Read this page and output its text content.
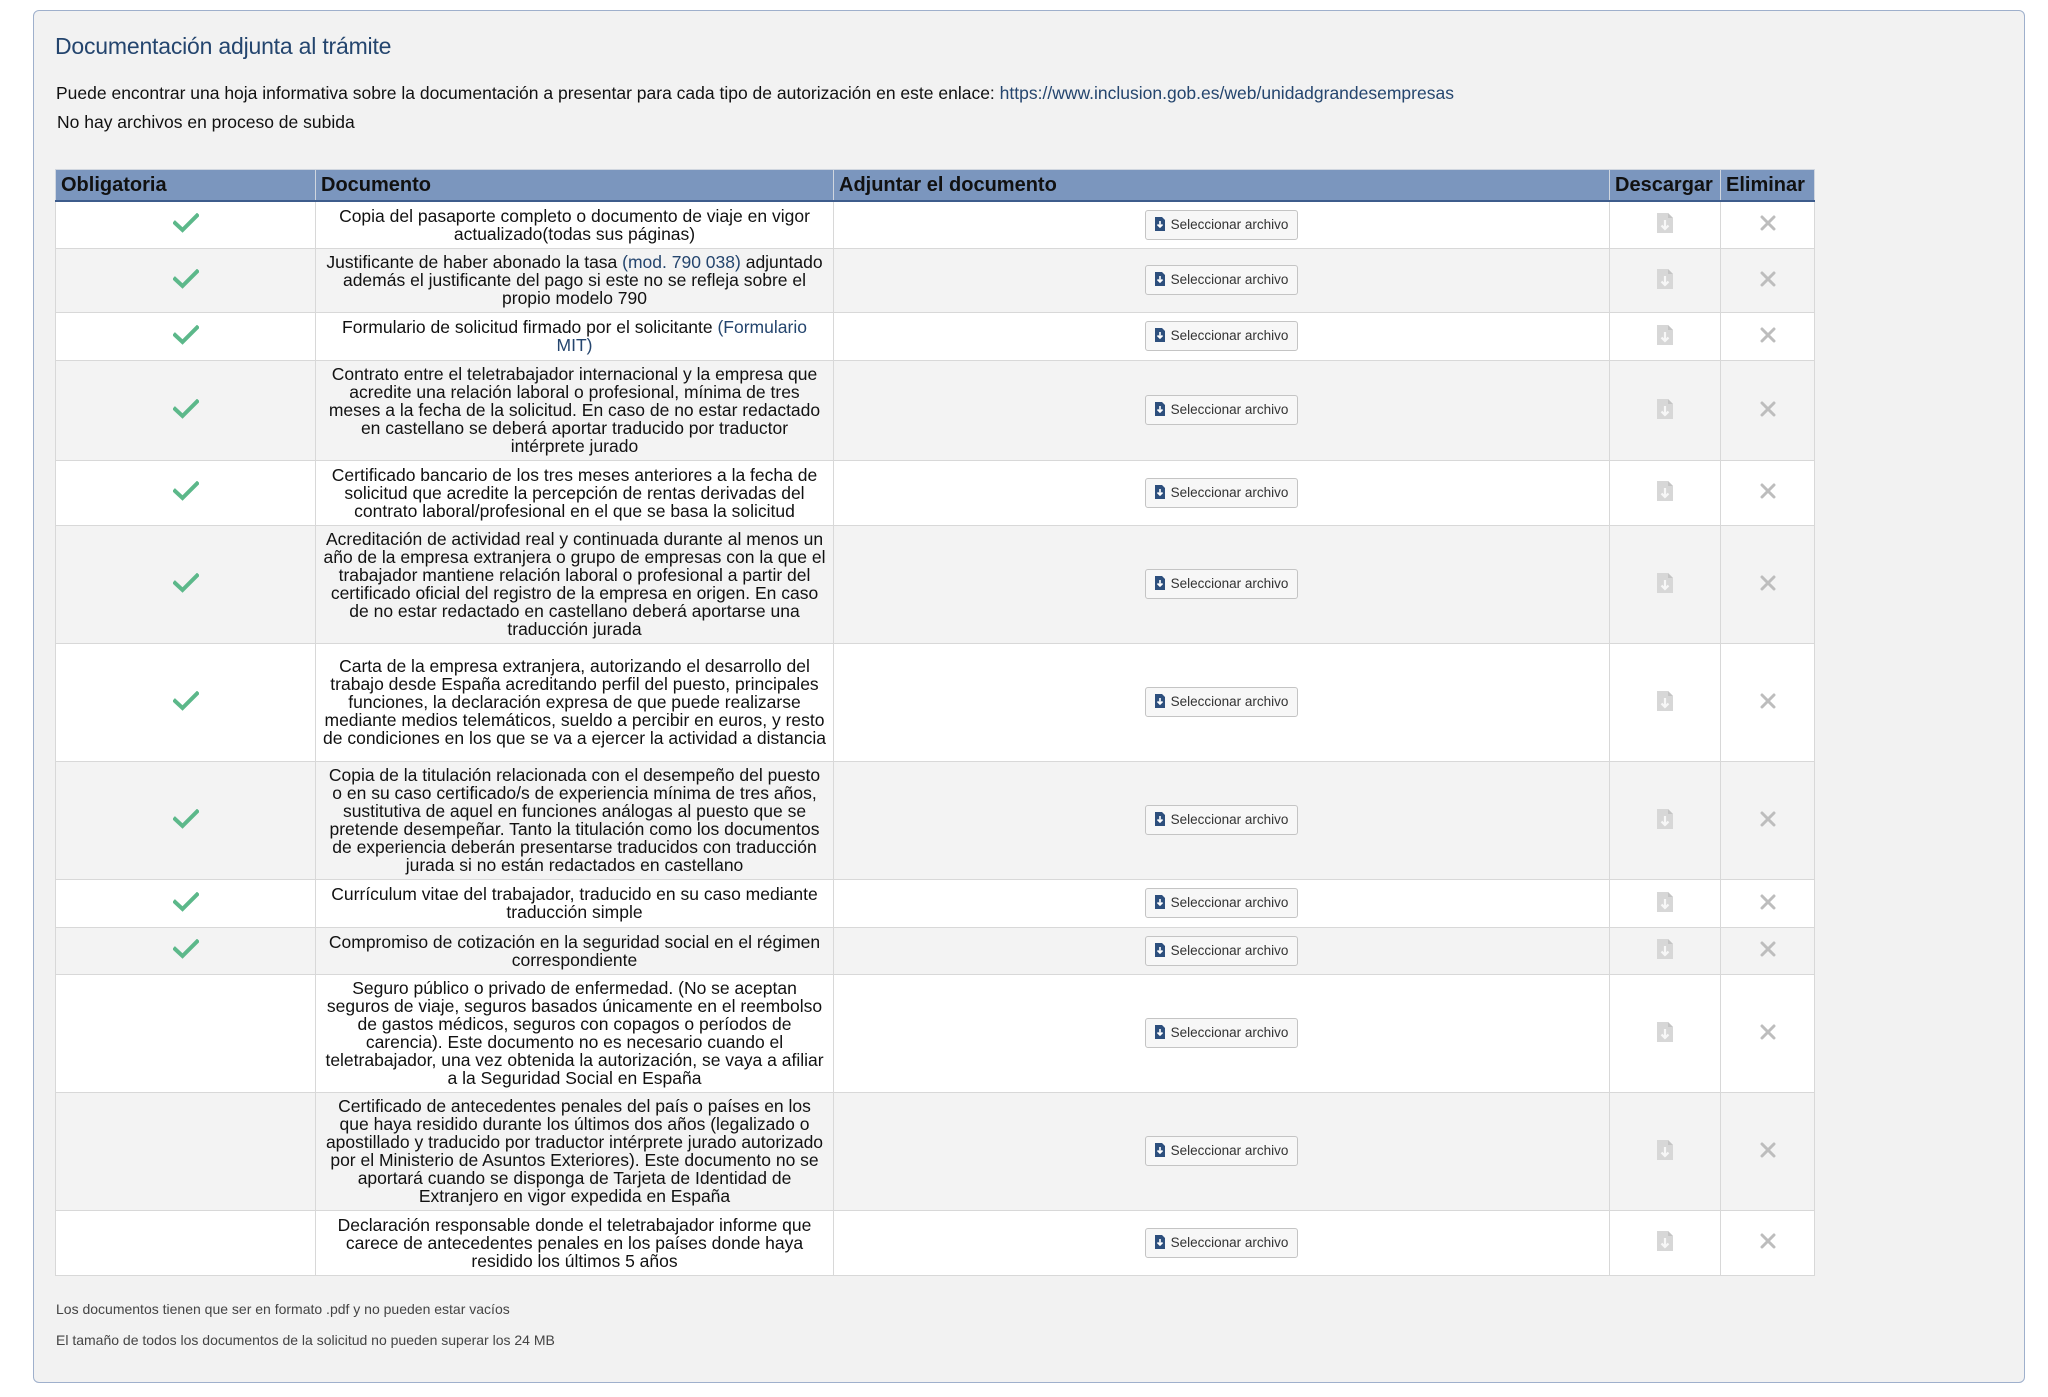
Documentación adjunta al trámite
Puede encontrar una hoja informativa sobre la documentación a presentar para cada tipo de autorización en este enlace: https://www.inclusion.gob.es/web/unidadgrandesempresas
No hay archivos en proceso de subida
Obligatoria	Documento	Adjuntar el documento	Descargar	Eliminar

	Copia del pasaporte completo o documento de viaje en vigor actualizado(todas sus páginas)	Seleccionar archivo		

	Justificante de haber abonado la tasa (mod. 790 038) adjuntado además el justificante del pago si este no se refleja sobre el propio modelo 790	Seleccionar archivo		

	Formulario de solicitud firmado por el solicitante (Formulario MIT)	Seleccionar archivo		

	Contrato entre el teletrabajador internacional y la empresa que acredite una relación laboral o profesional, mínima de tres meses a la fecha de la solicitud. En caso de no estar redactado en castellano se deberá aportar traducido por traductor intérprete jurado	Seleccionar archivo		

	Certificado bancario de los tres meses anteriores a la fecha de solicitud que acredite la percepción de rentas derivadas del contrato laboral/profesional en el que se basa la solicitud	Seleccionar archivo		

	Acreditación de actividad real y continuada durante al menos un año de la empresa extranjera o grupo de empresas con la que el trabajador mantiene relación laboral o profesional a partir del certificado oficial del registro de la empresa en origen. En caso de no estar redactado en castellano deberá aportarse una traducción jurada	Seleccionar archivo		

	Carta de la empresa extranjera, autorizando el desarrollo del trabajo desde España acreditando perfil del puesto, principales funciones, la declaración expresa de que puede realizarse mediante medios telemáticos, sueldo a percibir en euros, y resto de condiciones en los que se va a ejercer la actividad a distancia	Seleccionar archivo		

	Copia de la titulación relacionada con el desempeño del puesto o en su caso certificado/s de experiencia mínima de tres años, sustitutiva de aquel en funciones análogas al puesto que se pretende desempeñar. Tanto la titulación como los documentos de experiencia deberán presentarse traducidos con traducción jurada si no están redactados en castellano	Seleccionar archivo		

	Currículum vitae del trabajador, traducido en su caso mediante traducción simple	Seleccionar archivo		

	Compromiso de cotización en la seguridad social en el régimen correspondiente	Seleccionar archivo		
	Seguro público o privado de enfermedad. (No se aceptan seguros de viaje, seguros basados únicamente en el reembolso de gastos médicos, seguros con copagos o períodos de carencia). Este documento no es necesario cuando el teletrabajador, una vez obtenida la autorización, se vaya a afiliar a la Seguridad Social en España	Seleccionar archivo		
	Certificado de antecedentes penales del país o países en los que haya residido durante los últimos dos años (legalizado o apostillado y traducido por traductor intérprete jurado autorizado por el Ministerio de Asuntos Exteriores). Este documento no se aportará cuando se disponga de Tarjeta de Identidad de Extranjero en vigor expedida en España	Seleccionar archivo		
	Declaración responsable donde el teletrabajador informe que carece de antecedentes penales en los países donde haya residido los últimos 5 años	Seleccionar archivo		
Los documentos tienen que ser en formato .pdf y no pueden estar vacíos
El tamaño de todos los documentos de la solicitud no pueden superar los 24 MB
